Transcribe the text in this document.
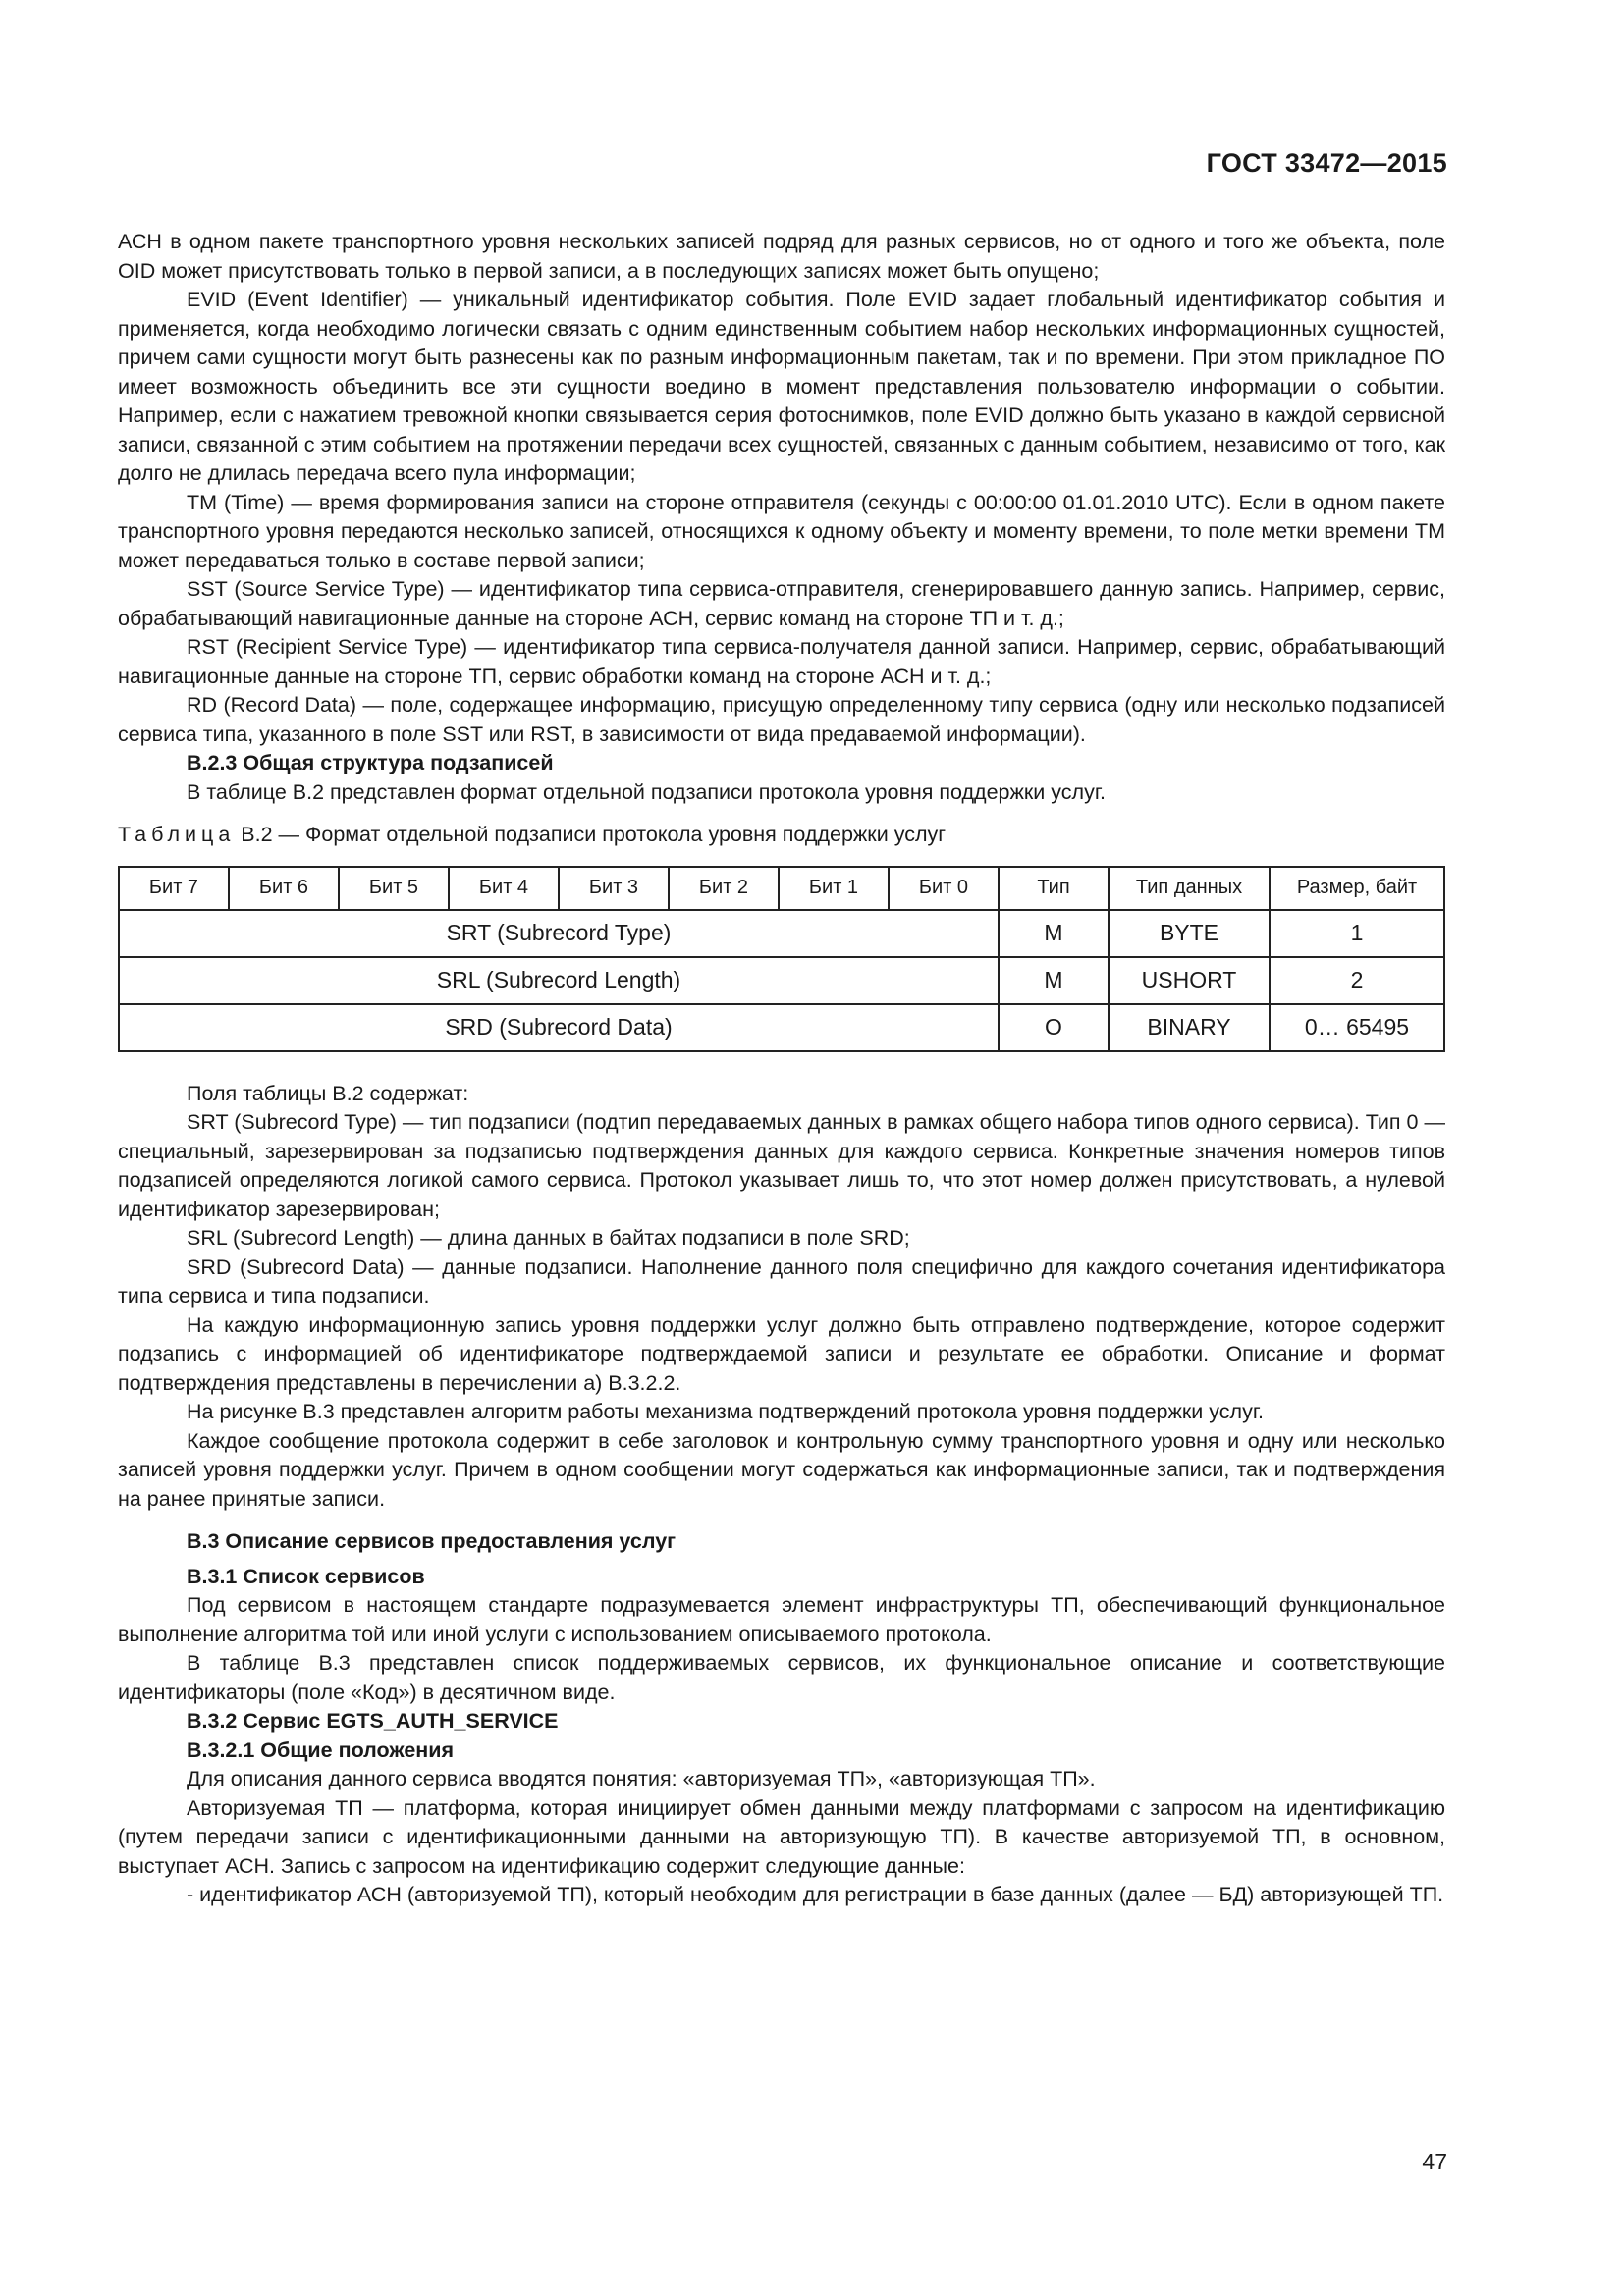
ГОСТ 33472—2015

АСН в одном пакете транспортного уровня нескольких записей подряд для разных сервисов, но от одного и того же объекта, поле OID может присутствовать только в первой записи, а в последующих записях может быть опущено;

EVID (Event Identifier) — уникальный идентификатор события. Поле EVID задает глобальный идентификатор события и применяется, когда необходимо логически связать с одним единственным событием набор нескольких информационных сущностей, причем сами сущности могут быть разнесены как по разным информационным пакетам, так и по времени. При этом прикладное ПО имеет возможность объединить все эти сущности воедино в момент представления пользователю информации о событии. Например, если с нажатием тревожной кнопки связывается серия фотоснимков, поле EVID должно быть указано в каждой сервисной записи, связанной с этим событием на протяжении передачи всех сущностей, связанных с данным событием, независимо от того, как долго не длилась передача всего пула информации;

TM (Time) — время формирования записи на стороне отправителя (секунды с 00:00:00 01.01.2010 UTC). Если в одном пакете транспортного уровня передаются несколько записей, относящихся к одному объекту и моменту времени, то поле метки времени TM может передаваться только в составе первой записи;

SST (Source Service Type) — идентификатор типа сервиса-отправителя, сгенерировавшего данную запись. Например, сервис, обрабатывающий навигационные данные на стороне АСН, сервис команд на стороне ТП и т. д.;

RST (Recipient Service Type) — идентификатор типа сервиса-получателя данной записи. Например, сервис, обрабатывающий навигационные данные на стороне ТП, сервис обработки команд на стороне АСН и т. д.;

RD (Record Data) — поле, содержащее информацию, присущую определенному типу сервиса (одну или несколько подзаписей сервиса типа, указанного в поле SST или RST, в зависимости от вида предаваемой информации).

В.2.3 Общая структура подзаписей

В таблице В.2 представлен формат отдельной подзаписи протокола уровня поддержки услуг.

Таблица В.2 — Формат отдельной подзаписи протокола уровня поддержки услуг

Бит 7	Бит 6	Бит 5	Бит 4	Бит 3	Бит 2	Бит 1	Бит 0	Тип	Тип данных	Размер, байт
SRT (Subrecord Type)								M	BYTE	1
SRL (Subrecord Length)								M	USHORT	2
SRD (Subrecord Data)								O	BINARY	0… 65495

Поля таблицы В.2 содержат:

SRT (Subrecord Type) — тип подзаписи (подтип передаваемых данных в рамках общего набора типов одного сервиса). Тип 0 — специальный, зарезервирован за подзаписью подтверждения данных для каждого сервиса. Конкретные значения номеров типов подзаписей определяются логикой самого сервиса. Протокол указывает лишь то, что этот номер должен присутствовать, а нулевой идентификатор зарезервирован;

SRL (Subrecord Length) — длина данных в байтах подзаписи в поле SRD;

SRD (Subrecord Data) — данные подзаписи. Наполнение данного поля специфично для каждого сочетания идентификатора типа сервиса и типа подзаписи.

На каждую информационную запись уровня поддержки услуг должно быть отправлено подтверждение, которое содержит подзапись с информацией об идентификаторе подтверждаемой записи и результате ее обработки. Описание и формат подтверждения представлены в перечислении а) В.3.2.2.

На рисунке В.3 представлен алгоритм работы механизма подтверждений протокола уровня поддержки услуг.

Каждое сообщение протокола содержит в себе заголовок и контрольную сумму транспортного уровня и одну или несколько записей уровня поддержки услуг. Причем в одном сообщении могут содержаться как информационные записи, так и подтверждения на ранее принятые записи.

В.3 Описание сервисов предоставления услуг

В.3.1 Список сервисов

Под сервисом в настоящем стандарте подразумевается элемент инфраструктуры ТП, обеспечивающий функциональное выполнение алгоритма той или иной услуги с использованием описываемого протокола.

В таблице В.3 представлен список поддерживаемых сервисов, их функциональное описание и соответствующие идентификаторы (поле «Код») в десятичном виде.

В.3.2 Сервис EGTS_AUTH_SERVICE

В.3.2.1 Общие положения

Для описания данного сервиса вводятся понятия: «авторизуемая ТП», «авторизующая ТП».

Авторизуемая ТП — платформа, которая инициирует обмен данными между платформами с запросом на идентификацию (путем передачи записи с идентификационными данными на авторизующую ТП). В качестве авторизуемой ТП, в основном, выступает АСН. Запись с запросом на идентификацию содержит следующие данные:

- идентификатор АСН (авторизуемой ТП), который необходим для регистрации в базе данных (далее — БД) авторизующей ТП.

47
